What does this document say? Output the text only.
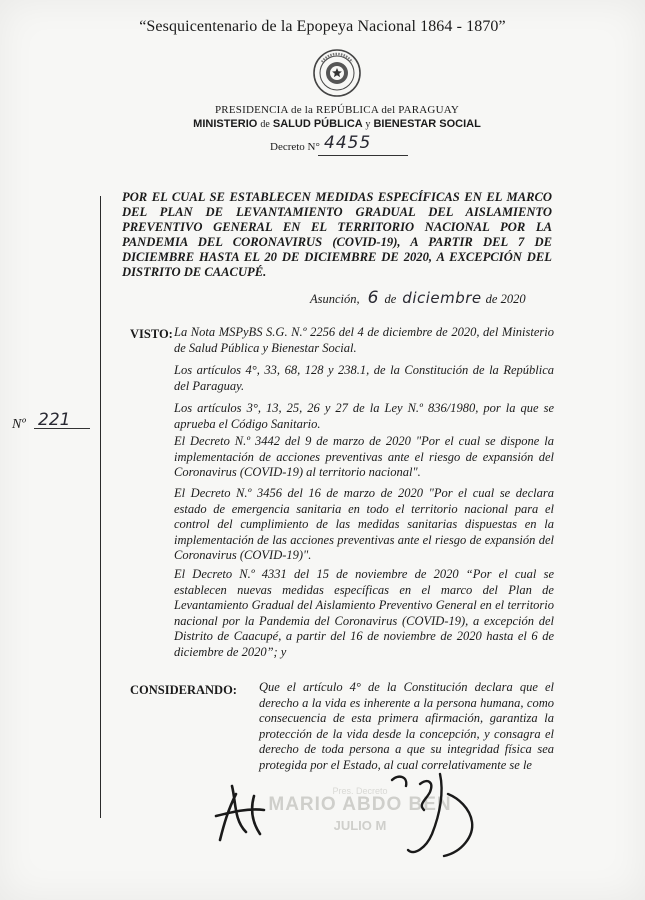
“Sesquicentenario de la Epopeya Nacional 1864 - 1870”
PRESIDENCIA de la REPÚBLICA del PARAGUAY
MINISTERIO de SALUD PÚBLICA y BIENESTAR SOCIAL
Decreto N° 4455
POR EL CUAL SE ESTABLECEN MEDIDAS ESPECÍFICAS EN EL MARCO DEL PLAN DE LEVANTAMIENTO GRADUAL DEL AISLAMIENTO PREVENTIVO GENERAL EN EL TERRITORIO NACIONAL POR LA PANDEMIA DEL CORONAVIRUS (COVID-19), A PARTIR DEL 7 DE DICIEMBRE HASTA EL 20 DE DICIEMBRE DE 2020, A EXCEPCIÓN DEL DISTRITO DE CAACUPÉ.
Asunción, 6 de diciembre de 2020
VISTO: La Nota MSPyBS S.G. N.º 2256 del 4 de diciembre de 2020, del Ministerio de Salud Pública y Bienestar Social.
Los artículos 4°, 33, 68, 128 y 238.1, de la Constitución de la República del Paraguay.
Los artículos 3°, 13, 25, 26 y 27 de la Ley N.º 836/1980, por la que se aprueba el Código Sanitario.
El Decreto N.º 3442 del 9 de marzo de 2020 "Por el cual se dispone la implementación de acciones preventivas ante el riesgo de expansión del Coronavirus (COVID-19) al territorio nacional".
El Decreto N.º 3456 del 16 de marzo de 2020 "Por el cual se declara estado de emergencia sanitaria en todo el territorio nacional para el control del cumplimiento de las medidas sanitarias dispuestas en la implementación de las acciones preventivas ante el riesgo de expansión del Coronavirus (COVID-19)".
El Decreto N.º 4331 del 15 de noviembre de 2020 “Por el cual se establecen nuevas medidas específicas en el marco del Plan de Levantamiento Gradual del Aislamiento Preventivo General en el territorio nacional por la Pandemia del Coronavirus (COVID-19), a excepción del Distrito de Caacupé, a partir del 16 de noviembre de 2020 hasta el 6 de diciembre de 2020”; y
Nº 221
CONSIDERANDO: Que el artículo 4° de la Constitución declara que el derecho a la vida es inherente a la persona humana, como consecuencia de esta primera afirmación, garantiza la protección de la vida desde la concepción, y consagra el derecho de toda persona a que su integridad física sea protegida por el Estado, al cual correlativamente se le
Pres. Decreto
MARIO ABDO BEN
JULIO M
